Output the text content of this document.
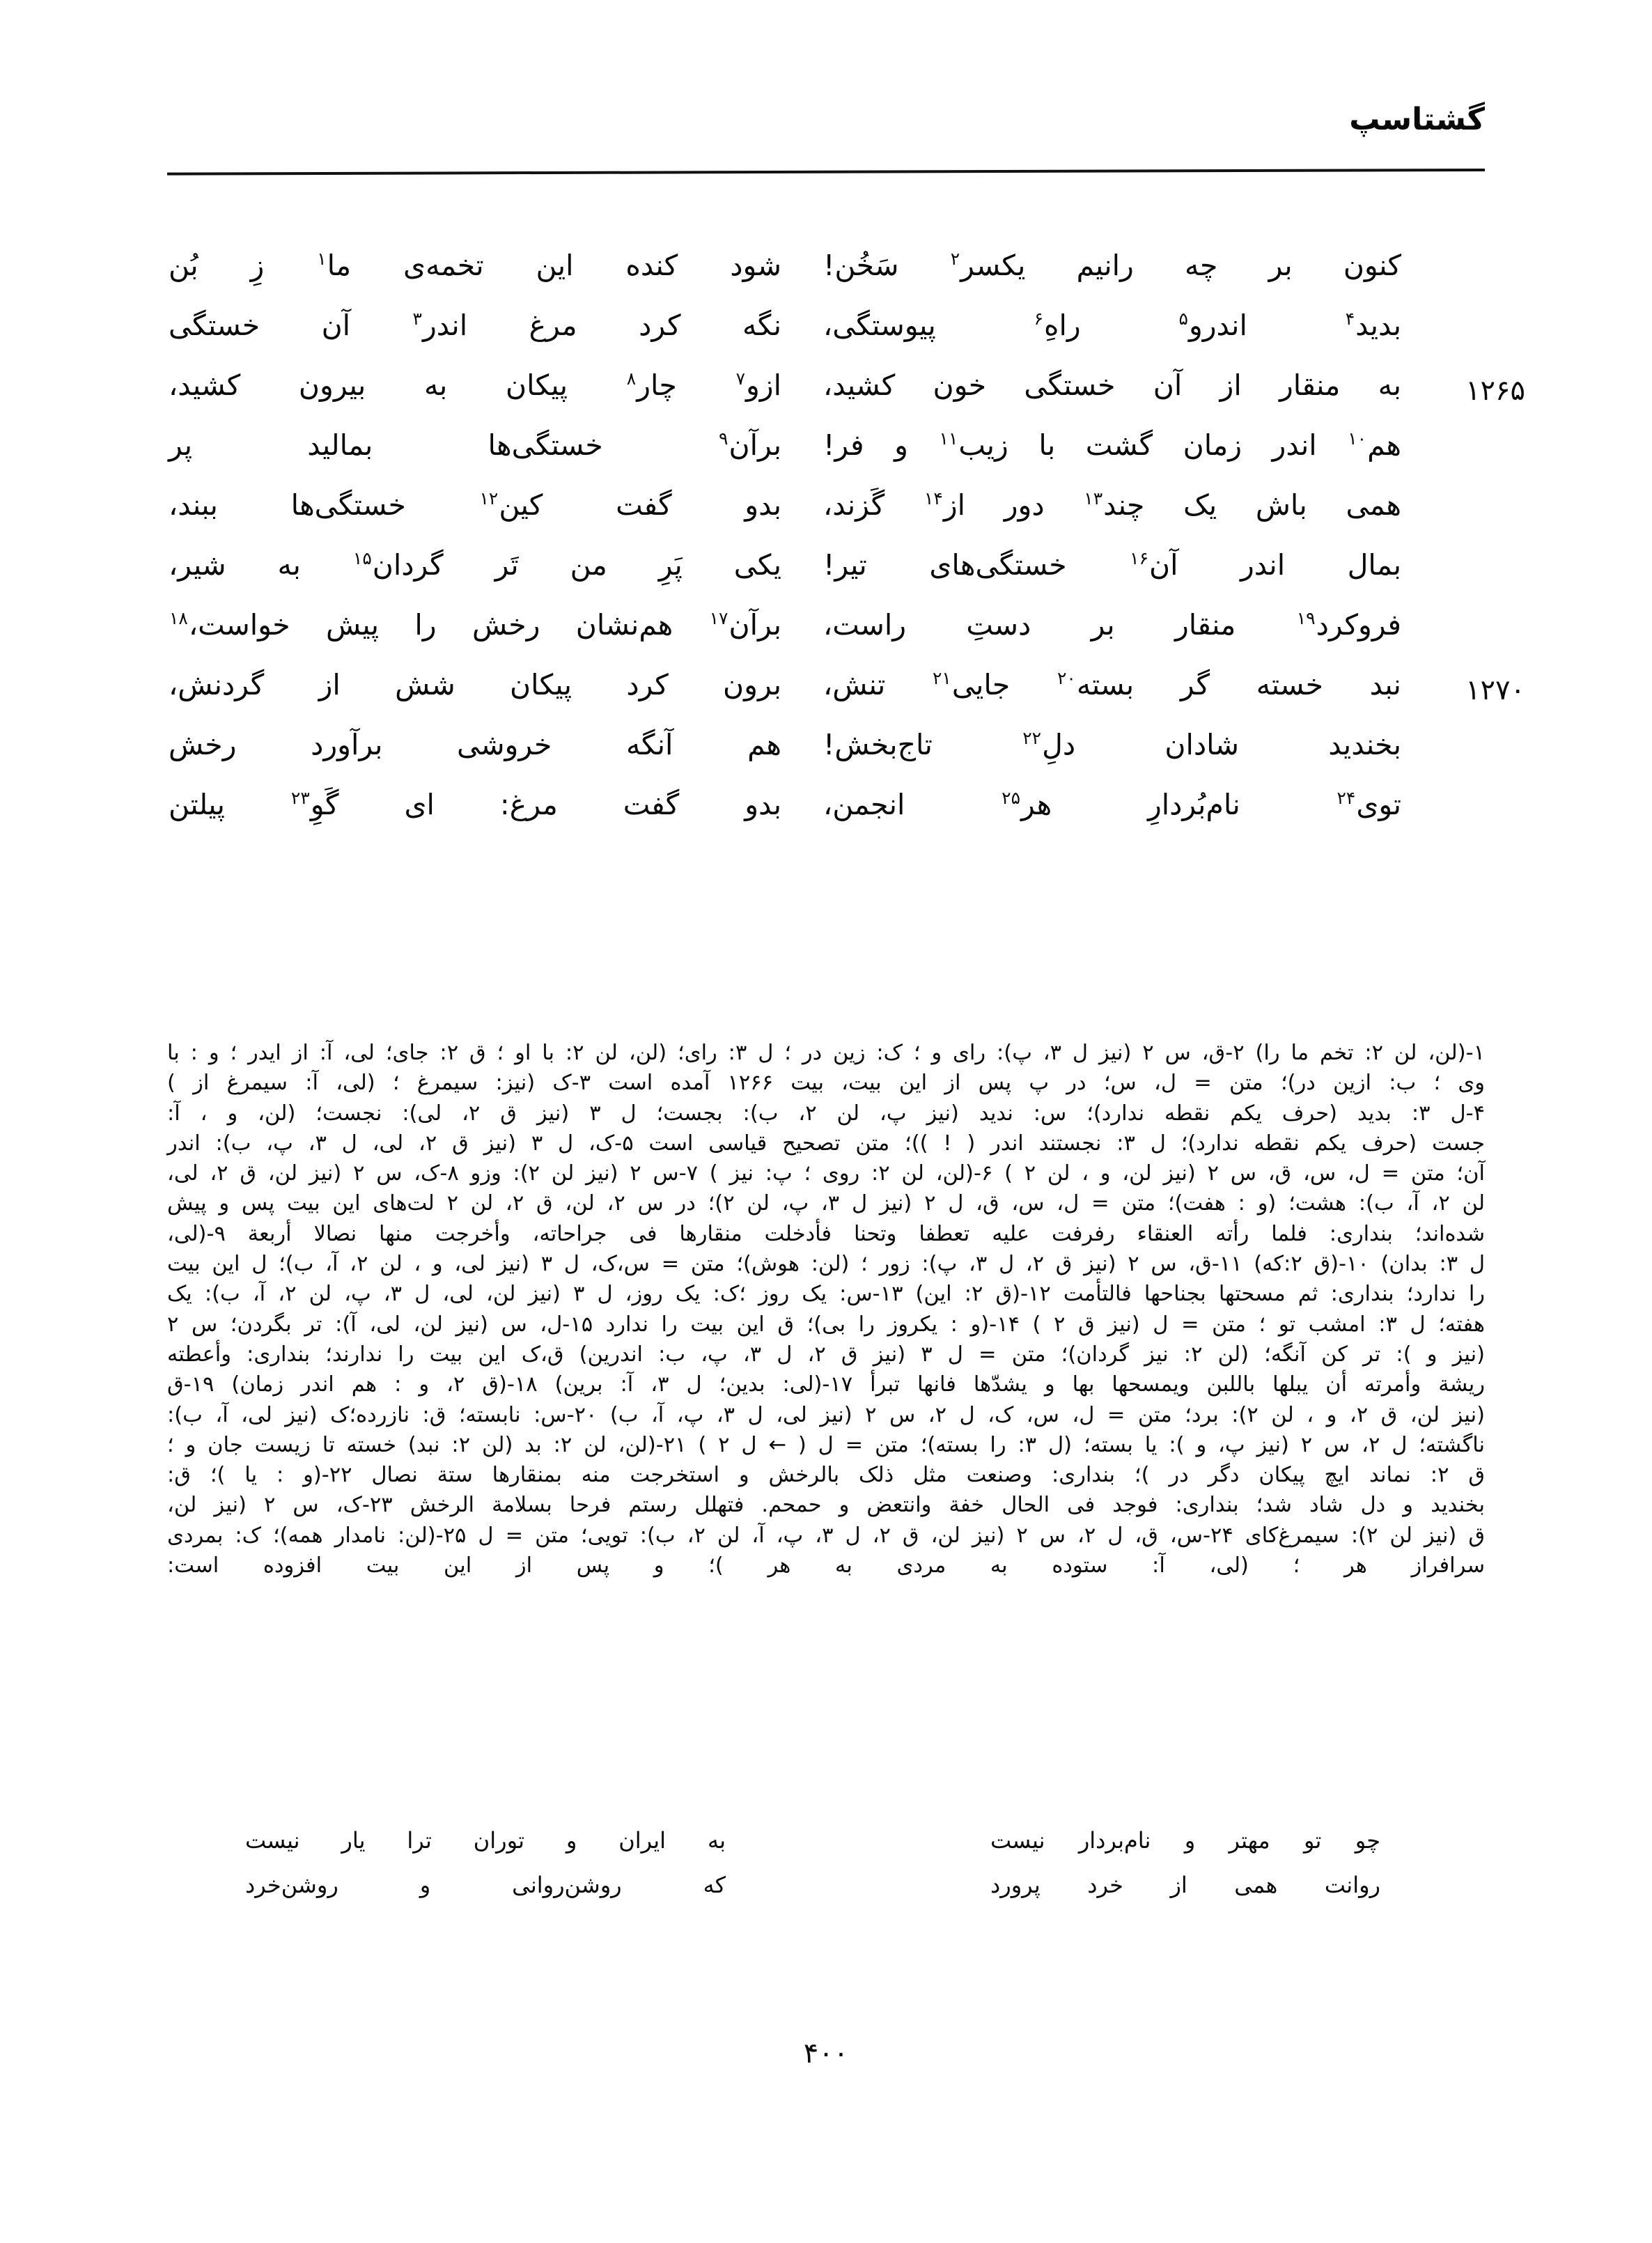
گشتاسپ
کنون بر چه رانیم یکسر$^۲$ سَخُن!
شود کنده این تخمه‌ی ما$^۱$ زِ بُن
بدید$^۴$ اندرو$^۵$ راهِ$^۶$ پیوستگی،
نگه کرد مرغ اندر$^۳$ آن خستگی
۱۲۶۵
به منقار از آن خستگی خون کشید،
ازو$^۷$ چار$^۸$ پیکان به بیرون کشید،
هم$^{۱۰}$ اندر زمان گشت با زیب$^{۱۱}$ و فر!
برآن$^۹$ خستگی‌ها بمالید پر
همی باش یک چند$^{۱۳}$ دور از$^{۱۴}$ گَزند،
بدو گفت کین$^{۱۲}$ خستگی‌ها ببند،
بمال اندر آن$^{۱۶}$ خستگی‌های تیر!
یکی پَرِ من تَر گردان$^{۱۵}$ به شیر،
فروکرد$^{۱۹}$ منقار بر دستِ راست،
برآن$^{۱۷}$ هم‌نشان رخش را پیش خواست،$^{۱۸}$
۱۲۷۰
نبد خسته گر بسته$^{۲۰}$ جایی$^{۲۱}$ تنش،
برون کرد پیکان شش از گردنش،
بخندید شادان دلِ$^{۲۲}$ تاج‌بخش!
هم آنگه خروشی برآورد رخش
توی$^{۲۴}$ نام‌بُردارِ هر$^{۲۵}$ انجمن،
بدو گفت مرغ: ای گَوِ$^{۲۳}$ پیلتن
۱-(لن، لن ۲: تخم ما را) ۲-ق، س ۲ (نیز ل ۳، پ): رای و ؛ ک: زین در ؛ ل ۳: رای؛ (لن، لن ۲: با او ؛ ق ۲: جای؛ لی، آ: از ایدر ؛ و : با
وی ؛ ب: ازین در)؛ متن = ل، س؛ در پ پس از این بیت، بیت ۱۲۶۶ آمده است ۳-ک (نیز: سیمرغ ؛ (لی، آ: سیمرغ از )
۴-ل ۳: بدید (حرف یکم نقطه ندارد)؛ س: ندید (نیز پ، لن ۲، ب): بجست؛ ل ۳ (نیز ق ۲، لی): نجست؛ (لن، و ، آ:
جست (حرف یکم نقطه ندارد)؛ ل ۳: نجستند اندر ( ! ))؛ متن تصحیح قیاسی است ۵-ک، ل ۳ (نیز ق ۲، لی، ل ۳، پ، ب): اندر
آن؛ متن = ل، س، ق، س ۲ (نیز لن، و ، لن ۲ ) ۶-(لن، لن ۲: روی ؛ پ: نیز ) ۷-س ۲ (نیز لن ۲): وزو ۸-ک، س ۲ (نیز لن، ق ۲، لی،
لن ۲، آ، ب): هشت؛ (و : هفت)؛ متن = ل، س، ق، ل ۲ (نیز ل ۳، پ، لن ۲)؛ در س ۲، لن، ق ۲، لن ۲ لت‌های این بیت پس و پیش
شده‌اند؛ بنداری: فلما رأته العنقاء رفرفت علیه تعطفا وتحنا فأدخلت منقارها فی جراحاته، وأخرجت منها نصالا أربعة ۹-(لی،
ل ۳: بدان) ۱۰-(ق ۲:که) ۱۱-ق، س ۲ (نیز ق ۲، ل ۳، پ): زور ؛ (لن: هوش)؛ متن = س،ک، ل ۳ (نیز لی، و ، لن ۲، آ، ب)؛ ل این بیت
را ندارد؛ بنداری: ثم مسحتها بجناحها فالتأمت ۱۲-(ق ۲: این) ۱۳-س: یک روز ؛ک: یک روز، ل ۳ (نیز لن، لی، ل ۳، پ، لن ۲، آ، ب): یک
هفته؛ ل ۳: امشب تو ؛ متن = ل (نیز ق ۲ ) ۱۴-(و : یکروز را بی)؛ ق این بیت را ندارد ۱۵-ل، س (نیز لن، لی، آ): تر بگردن؛ س ۲
(نیز و ): تر کن آنگه؛ (لن ۲: نیز گردان)؛ متن = ل ۳ (نیز ق ۲، ل ۳، پ، ب: اندرین) ق،ک این بیت را ندارند؛ بنداری: وأعطته
ریشة وأمرته أن یبلها باللبن ویمسحها بها و یشدّها فانها تبرأ ۱۷-(لی: بدین؛ ل ۳، آ: برین) ۱۸-(ق ۲، و : هم اندر زمان) ۱۹-ق
(نیز لن، ق ۲، و ، لن ۲): برد؛ متن = ل، س، ک، ل ۲، س ۲ (نیز لی، ل ۳، پ، آ، ب) ۲۰-س: نابسته؛ ق: نازرده؛ک (نیز لی، آ، ب):
ناگشته؛ ل ۲، س ۲ (نیز پ، و ): یا بسته؛ (ل ۳: را بسته)؛ متن = ل ( ← ل ۲ ) ۲۱-(لن، لن ۲: بد (لن ۲: نبد) خسته تا زیست جان و ؛
ق ۲: نماند ایچ پیکان دگر در )؛ بنداری: وصنعت مثل ذلک بالرخش و استخرجت منه بمنقارها ستة نصال ۲۲-(و : یا )؛ ق:
بخندید و دل شاد شد؛ بنداری: فوجد فی الحال خفة وانتعض و حمحم. فتهلل رستم فرحا بسلامة الرخش ۲۳-ک، س ۲ (نیز لن،
ق (نیز لن ۲): سیمرغ‌کای ۲۴-س، ق، ل ۲، س ۲ (نیز لن، ق ۲، ل ۳، پ، آ، لن ۲، ب): تویی؛ متن = ل ۲۵-(لن: نامدار همه)؛ ک: بمردی
سرافراز هر ؛ (لی، آ: ستوده به مردی به هر )؛ و پس از این بیت افزوده است:
چو تو مهتر و نام‌بردار نیست
به ایران و توران ترا یار نیست
روانت همی از خرد پرورد
که روشن‌روانی و روشن‌خرد
۴۰۰
